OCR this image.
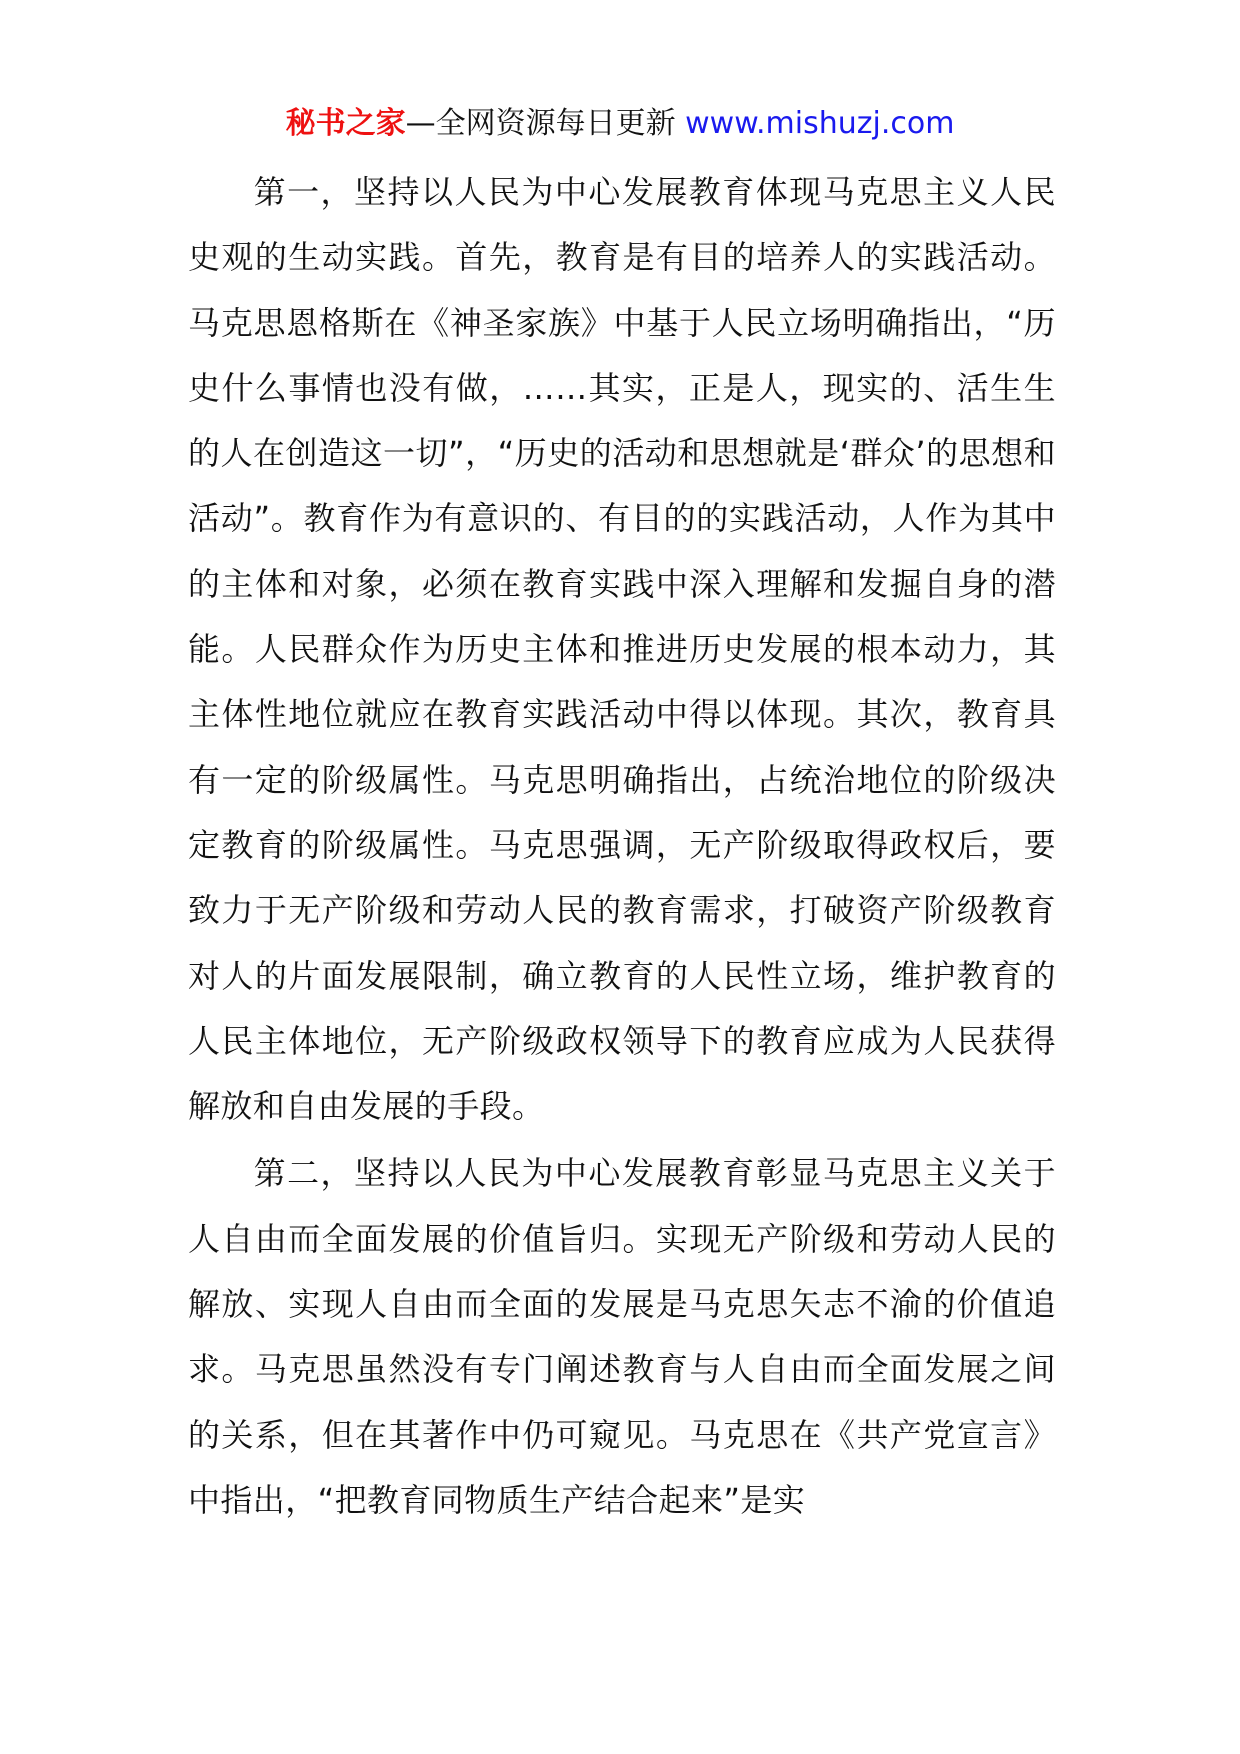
秘书之家—全网资源每日更新 www.mishuzj.com

第一，坚持以人民为中心发展教育体现马克思主义人民史观的生动实践。首先，教育是有目的培养人的实践活动。马克思恩格斯在《神圣家族》中基于人民立场明确指出，“历史什么事情也没有做，……其实，正是人，现实的、活生生的人在创造这一切”，“历史的活动和思想就是‘群众’的思想和活动”。教育作为有意识的、有目的的实践活动，人作为其中的主体和对象，必须在教育实践中深入理解和发掘自身的潜能。人民群众作为历史主体和推进历史发展的根本动力，其主体性地位就应在教育实践活动中得以体现。其次，教育具有一定的阶级属性。马克思明确指出，占统治地位的阶级决定教育的阶级属性。马克思强调，无产阶级取得政权后，要致力于无产阶级和劳动人民的教育需求，打破资产阶级教育对人的片面发展限制，确立教育的人民性立场，维护教育的人民主体地位，无产阶级政权领导下的教育应成为人民获得解放和自由发展的手段。

第二，坚持以人民为中心发展教育彰显马克思主义关于人自由而全面发展的价值旨归。实现无产阶级和劳动人民的解放、实现人自由而全面的发展是马克思矢志不渝的价值追求。马克思虽然没有专门阐述教育与人自由而全面发展之间的关系，但在其著作中仍可窥见。马克思在《共产党宣言》中指出，“把教育同物质生产结合起来”是实
